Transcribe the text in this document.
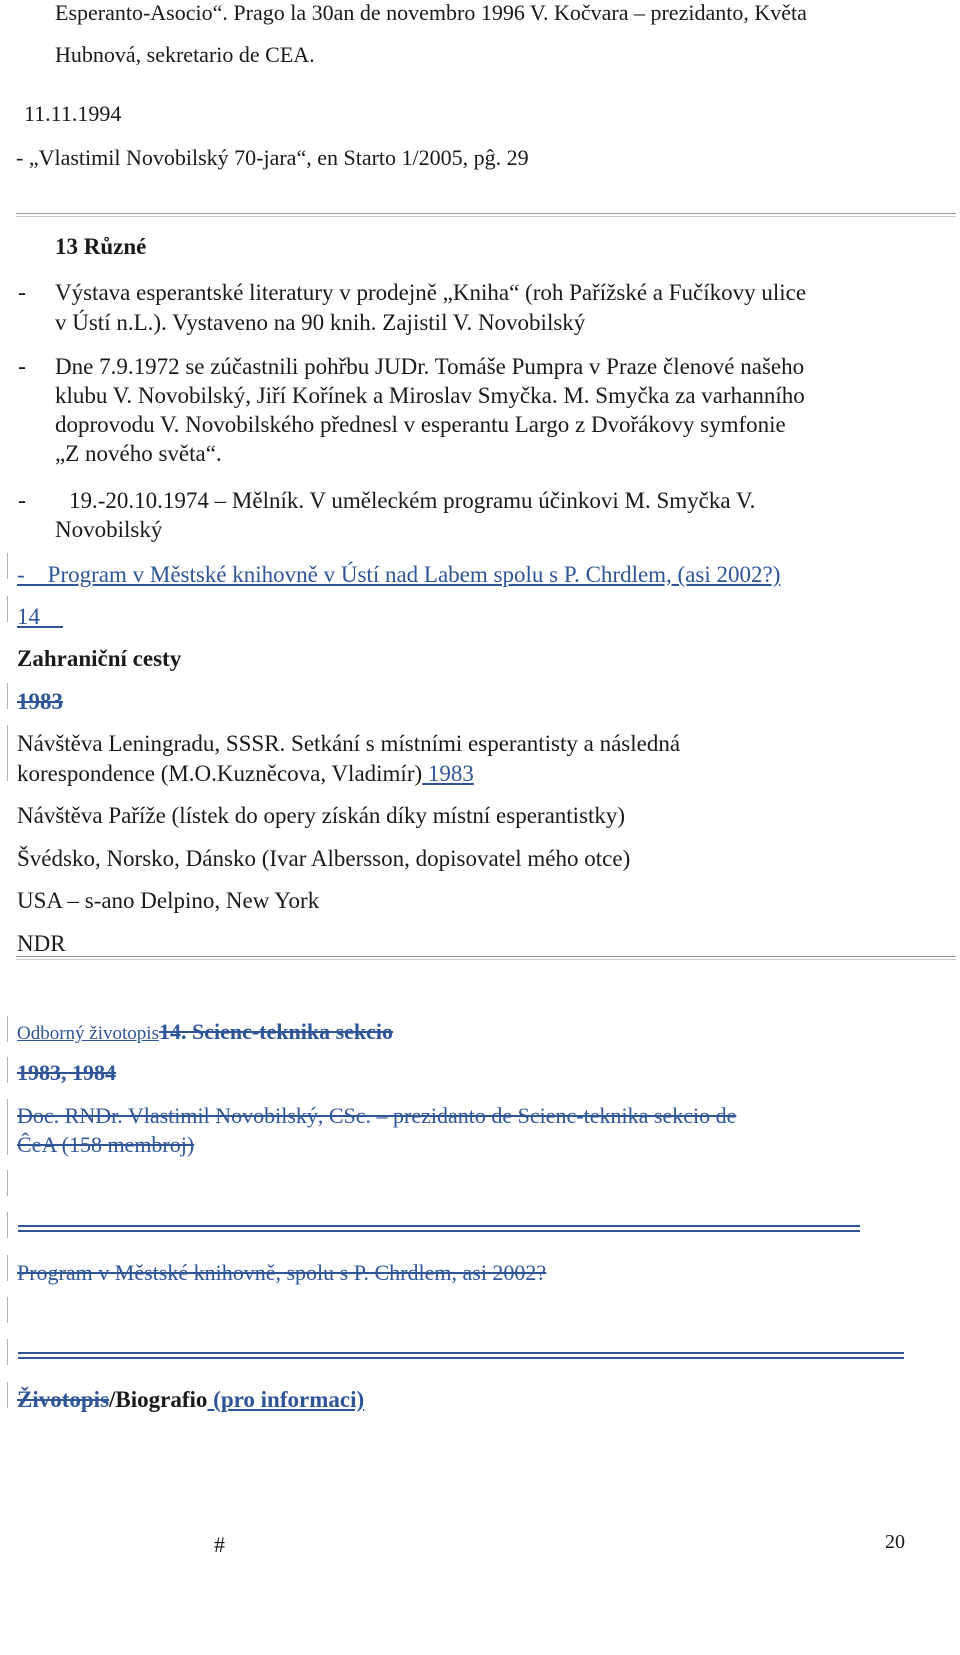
Esperanto-Asocio“. Prago la 30an de novembro 1996 V. Kočvara – prezidanto, Květa
Hubnová, sekretario de CEA.
11.11.1994
- „Vlastimil Novobilský 70-jara“, en Starto 1/2005, pĝ. 29
13 Různé
- Výstava esperantské literatury v prodejně „Kniha“ (roh Pařížské a Fučíkovy ulice
v Ústí n.L.). Vystaveno na 90 knih. Zajistil V. Novobilský
- Dne 7.9.1972 se zúčastnili pohřbu JUDr. Tomáše Pumpra v Praze členové našeho
klubu V. Novobilský, Jiří Kořínek a Miroslav Smyčka. M. Smyčka za varhanního
doprovodu V. Novobilského přednesl v esperantu Largo z Dvořákovy symfonie
„Z nového světa“.
- 19.-20.10.1974 – Mělník. V uměleckém programu účinkovi M. Smyčka V.
Novobilský
-    Program v Městské knihovně v Ústí nad Labem spolu s P. Chrdlem, (asi 2002?)
14
Zahraniční cesty
1983
Návštěva Leningradu, SSSR. Setkání s místními esperantisty a následná
korespondence (M.O.Kuzněcova, Vladimír) 1983
Návštěva Paříže (lístek do opery získán díky místní esperantistky)
Švédsko, Norsko, Dánsko (Ivar Albersson, dopisovatel mého otce)
USA – s-ano Delpino, New York
NDR
Odborný životopis14. Scienc-teknika sekcio
1983, 1984
Doc. RNDr. Vlastimil Novobilský, CSc. – prezidanto de Scienc-teknika sekcio de
ĈeA (158 membroj)
Program v Městské knihovně, spolu s P. Chrdlem, asi 2002?
Životopis/Biografio (pro informaci)
#	20
